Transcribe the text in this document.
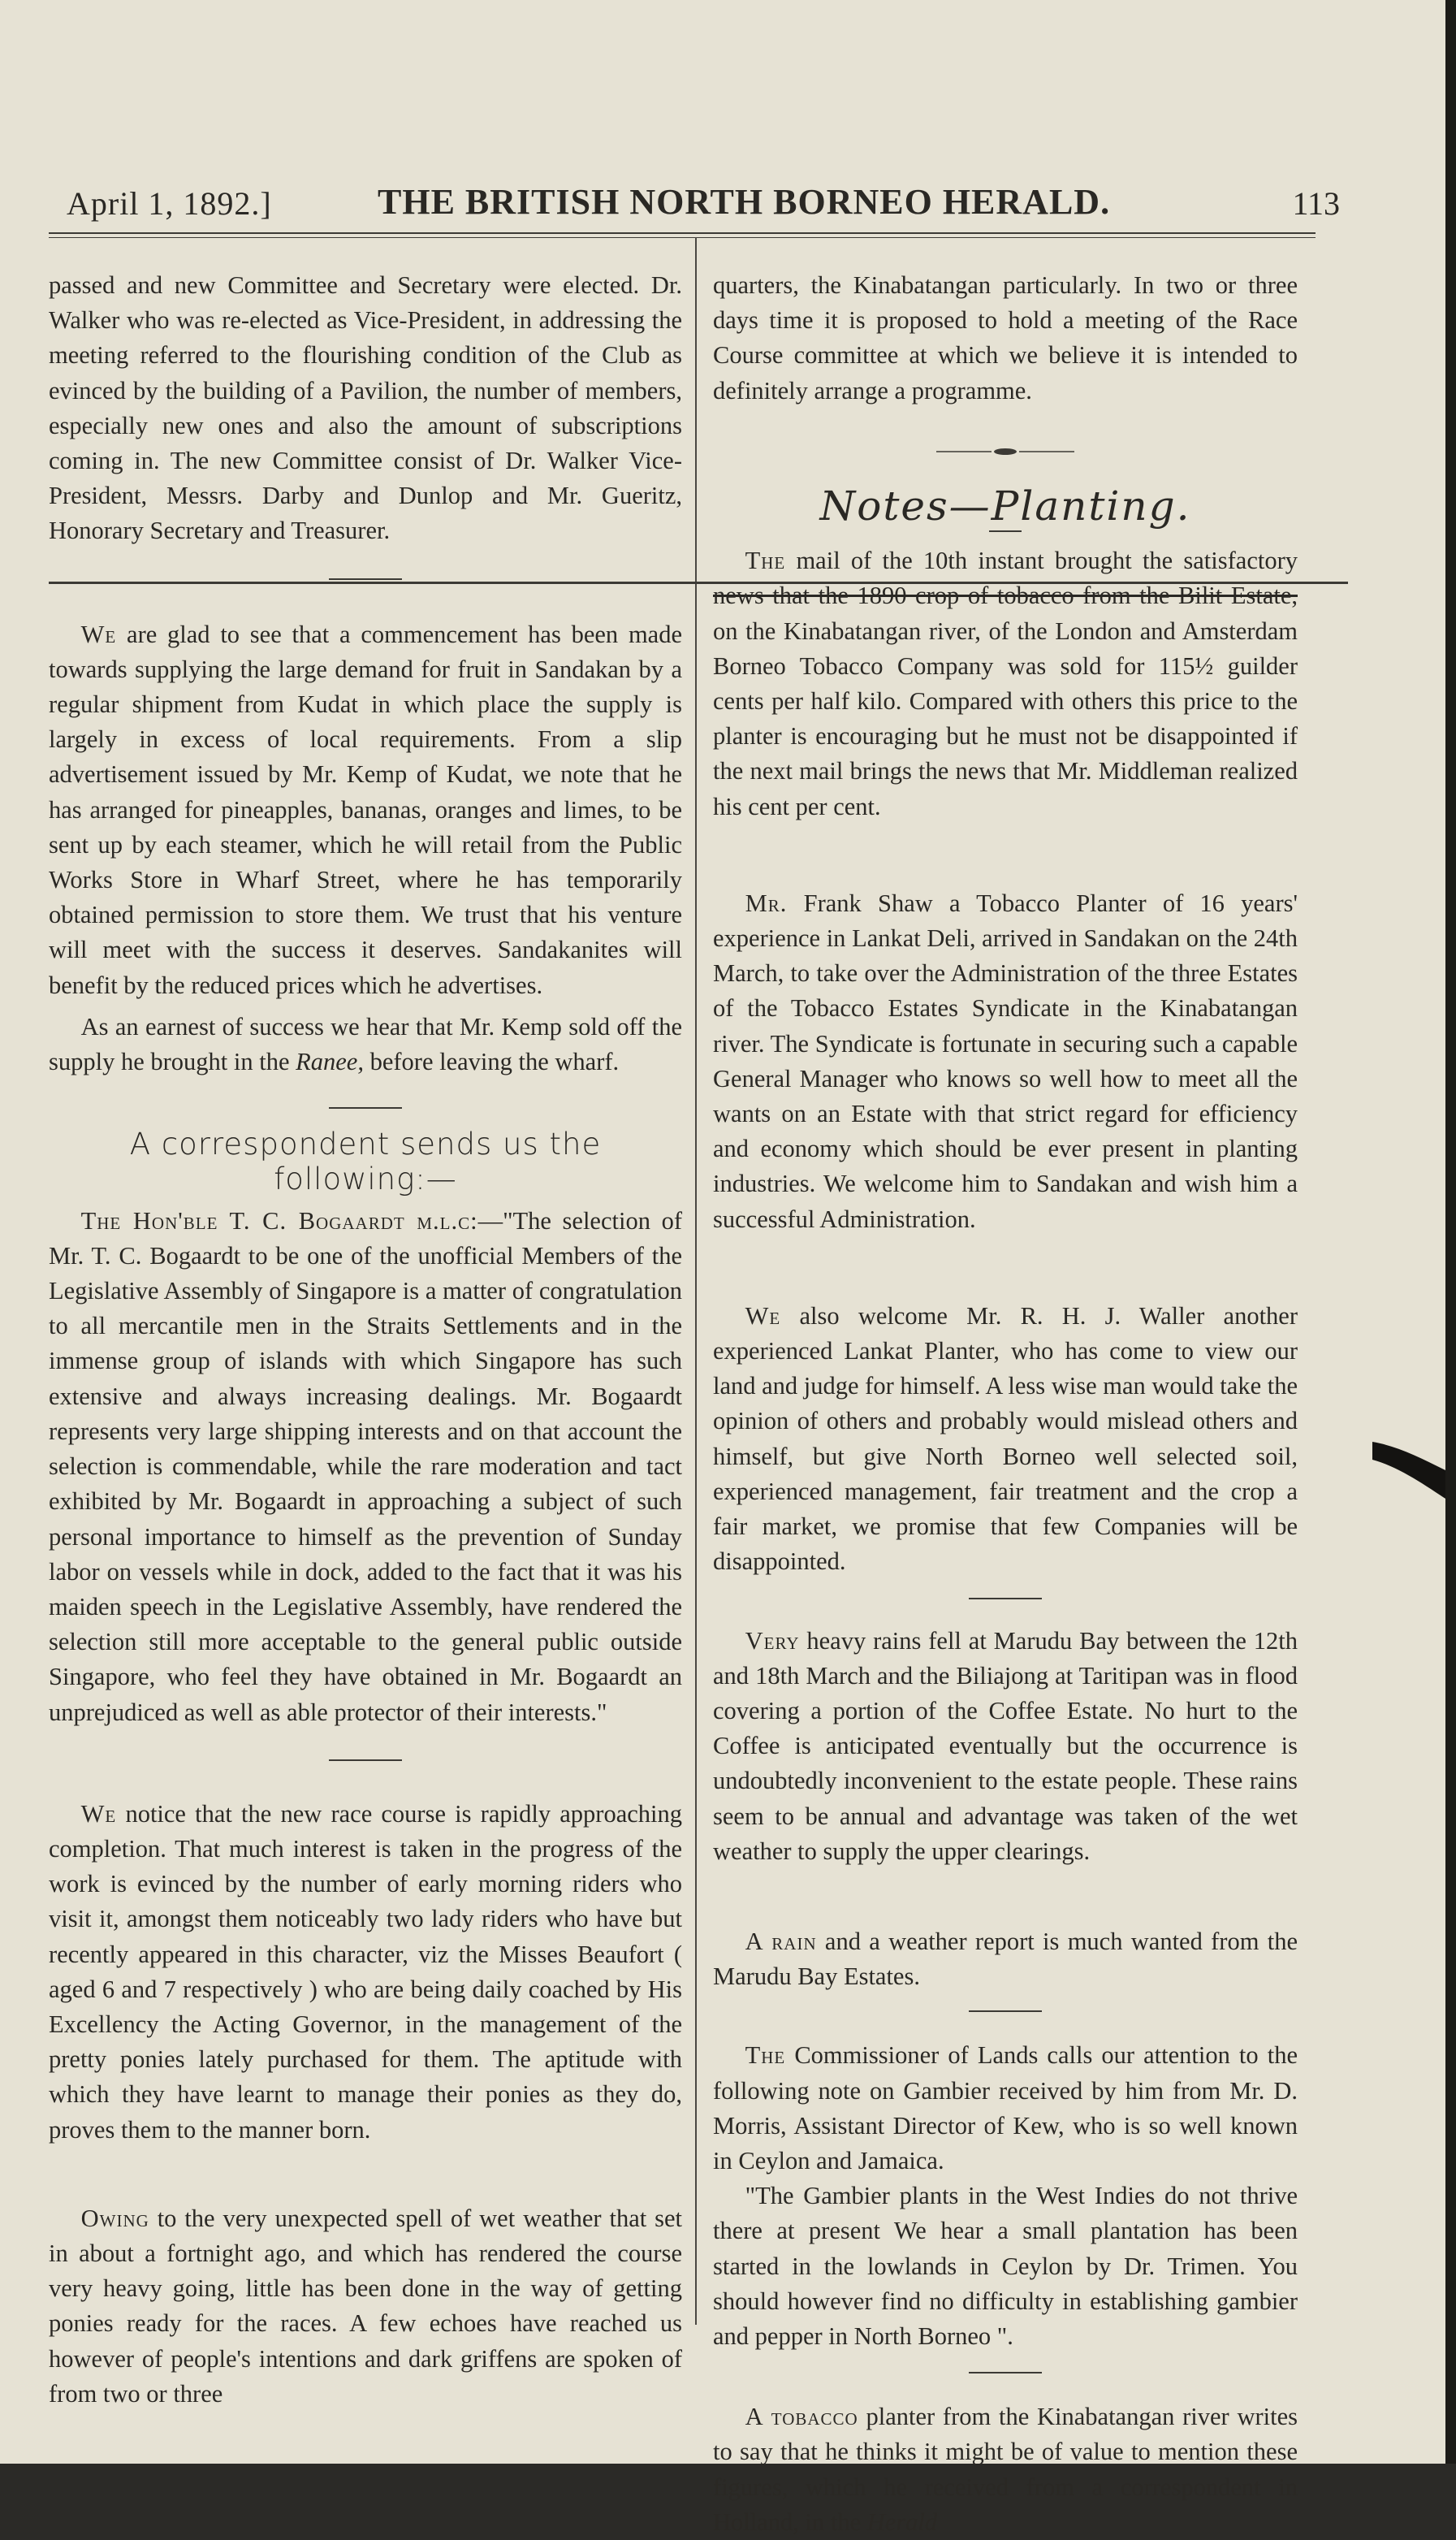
April 1, 1892.]	THE BRITISH NORTH BORNEO HERALD.	113

passed and new Committee and Secretary were elected. Dr. Walker who was re-elected as Vice-President, in addressing the meeting referred to the flourishing condition of the Club as evinced by the building of a Pavilion, the number of members, especially new ones and also the amount of subscriptions coming in. The new Committee consist of Dr. Walker Vice-President, Messrs. Darby and Dunlop and Mr. Gueritz, Honorary Secretary and Treasurer.

We are glad to see that a commencement has been made towards supplying the large demand for fruit in Sandakan by a regular shipment from Kudat in which place the supply is largely in excess of local requirements. From a slip advertisement issued by Mr. Kemp of Kudat, we note that he has arranged for pineapples, bananas, oranges and limes, to be sent up by each steamer, which he will retail from the Public Works Store in Wharf Street, where he has temporarily obtained permission to store them. We trust that his venture will meet with the success it deserves. Sandakanites will benefit by the reduced prices which he advertises.

As an earnest of success we hear that Mr. Kemp sold off the supply he brought in the Ranee, before leaving the wharf.

A correspondent sends us the following:—

The Hon'ble T. C. Bogaardt m.l.c:—"The selection of Mr. T. C. Bogaardt to be one of the unofficial Members of the Legislative Assembly of Singapore is a matter of congratulation to all mercantile men in the Straits Settlements and in the immense group of islands with which Singapore has such extensive and always increasing dealings. Mr. Bogaardt represents very large shipping interests and on that account the selection is commendable, while the rare moderation and tact exhibited by Mr. Bogaardt in approaching a subject of such personal importance to himself as the prevention of Sunday labor on vessels while in dock, added to the fact that it was his maiden speech in the Legislative Assembly, have rendered the selection still more acceptable to the general public outside Singapore, who feel they have obtained in Mr. Bogaardt an unprejudiced as well as able protector of their interests."

We notice that the new race course is rapidly approaching completion. That much interest is taken in the progress of the work is evinced by the number of early morning riders who visit it, amongst them noticeably two lady riders who have but recently appeared in this character, viz the Misses Beaufort ( aged 6 and 7 respectively ) who are being daily coached by His Excellency the Acting Governor, in the management of the pretty ponies lately purchased for them. The aptitude with which they have learnt to manage their ponies as they do, proves them to the manner born.

Owing to the very unexpected spell of wet weather that set in about a fortnight ago, and which has rendered the course very heavy going, little has been done in the way of getting ponies ready for the races. A few echoes have reached us however of people's intentions and dark griffens are spoken of from two or three

quarters, the Kinabatangan particularly. In two or three days time it is proposed to hold a meeting of the Race Course committee at which we believe it is intended to definitely arrange a programme.

Notes—Planting.

The mail of the 10th instant brought the satisfactory news that the 1890 crop of tobacco from the Bilit Estate, on the Kinabatangan river, of the London and Amsterdam Borneo Tobacco Company was sold for 115½ guilder cents per half kilo. Compared with others this price to the planter is encouraging but he must not be disappointed if the next mail brings the news that Mr. Middleman realized his cent per cent.

Mr. Frank Shaw a Tobacco Planter of 16 years' experience in Lankat Deli, arrived in Sandakan on the 24th March, to take over the Administration of the three Estates of the Tobacco Estates Syndicate in the Kinabatangan river. The Syndicate is fortunate in securing such a capable General Manager who knows so well how to meet all the wants on an Estate with that strict regard for efficiency and economy which should be ever present in planting industries. We welcome him to Sandakan and wish him a successful Administration.

We also welcome Mr. R. H. J. Waller another experienced Lankat Planter, who has come to view our land and judge for himself. A less wise man would take the opinion of others and probably would mislead others and himself, but give North Borneo well selected soil, experienced management, fair treatment and the crop a fair market, we promise that few Companies will be disappointed.

Very heavy rains fell at Marudu Bay between the 12th and 18th March and the Biliajong at Taritipan was in flood covering a portion of the Coffee Estate. No hurt to the Coffee is anticipated eventually but the occurrence is undoubtedly inconvenient to the estate people. These rains seem to be annual and advantage was taken of the wet weather to supply the upper clearings.

A rain and a weather report is much wanted from the Marudu Bay Estates.

The Commissioner of Lands calls our attention to the following note on Gambier received by him from Mr. D. Morris, Assistant Director of Kew, who is so well known in Ceylon and Jamaica.

"The Gambier plants in the West Indies do not thrive there at present We hear a small plantation has been started in the lowlands in Ceylon by Dr. Trimen. You should however find no difficulty in establishing gambier and pepper in North Borneo ".

A tobacco planter from the Kinabatangan river writes to say that he thinks it might be of value to mention these figures, which he received from a correspondent in Holland, in the Herald
